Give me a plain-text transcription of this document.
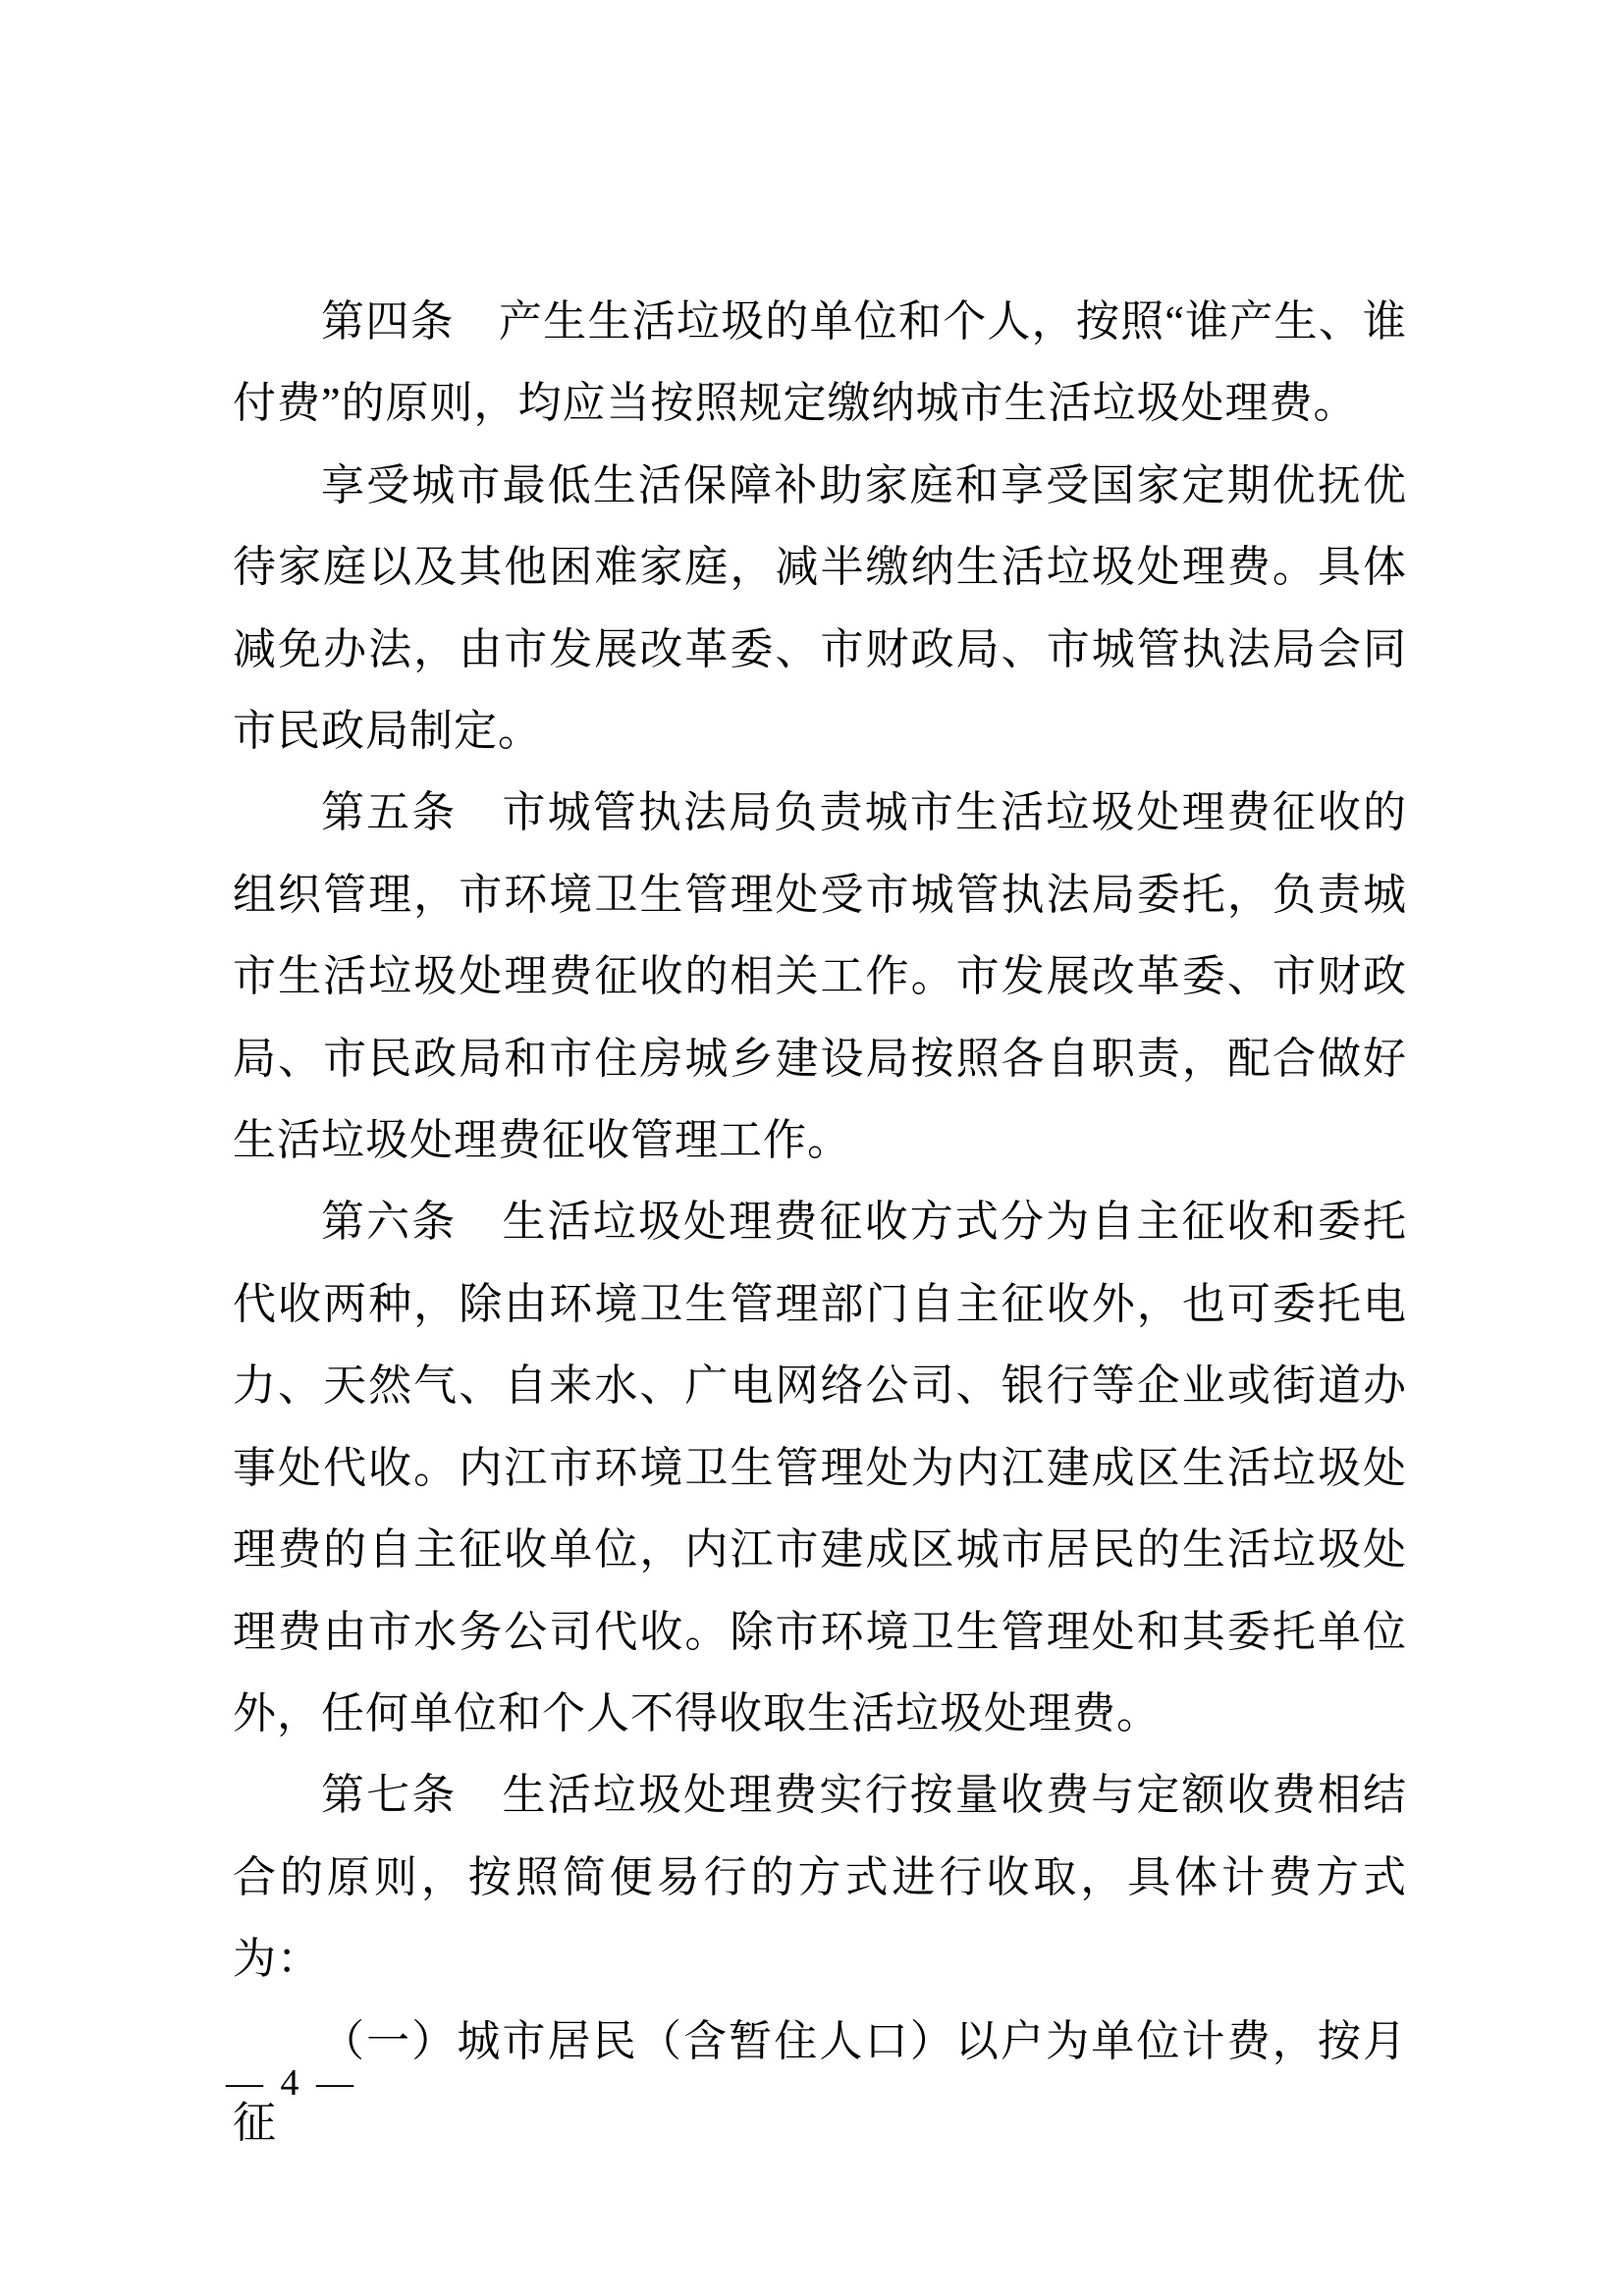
第四条　产生生活垃圾的单位和个人，按照“谁产生、谁付费”的原则，均应当按照规定缴纳城市生活垃圾处理费。

享受城市最低生活保障补助家庭和享受国家定期优抚优待家庭以及其他困难家庭，减半缴纳生活垃圾处理费。具体减免办法，由市发展改革委、市财政局、市城管执法局会同市民政局制定。

第五条　市城管执法局负责城市生活垃圾处理费征收的组织管理，市环境卫生管理处受市城管执法局委托，负责城市生活垃圾处理费征收的相关工作。市发展改革委、市财政局、市民政局和市住房城乡建设局按照各自职责，配合做好生活垃圾处理费征收管理工作。

第六条　生活垃圾处理费征收方式分为自主征收和委托代收两种，除由环境卫生管理部门自主征收外，也可委托电力、天然气、自来水、广电网络公司、银行等企业或街道办事处代收。内江市环境卫生管理处为内江建成区生活垃圾处理费的自主征收单位，内江市建成区城市居民的生活垃圾处理费由市水务公司代收。除市环境卫生管理处和其委托单位外，任何单位和个人不得收取生活垃圾处理费。

第七条　生活垃圾处理费实行按量收费与定额收费相结合的原则，按照简便易行的方式进行收取，具体计费方式为：

（一）城市居民（含暂住人口）以户为单位计费，按月征

— 4 —
